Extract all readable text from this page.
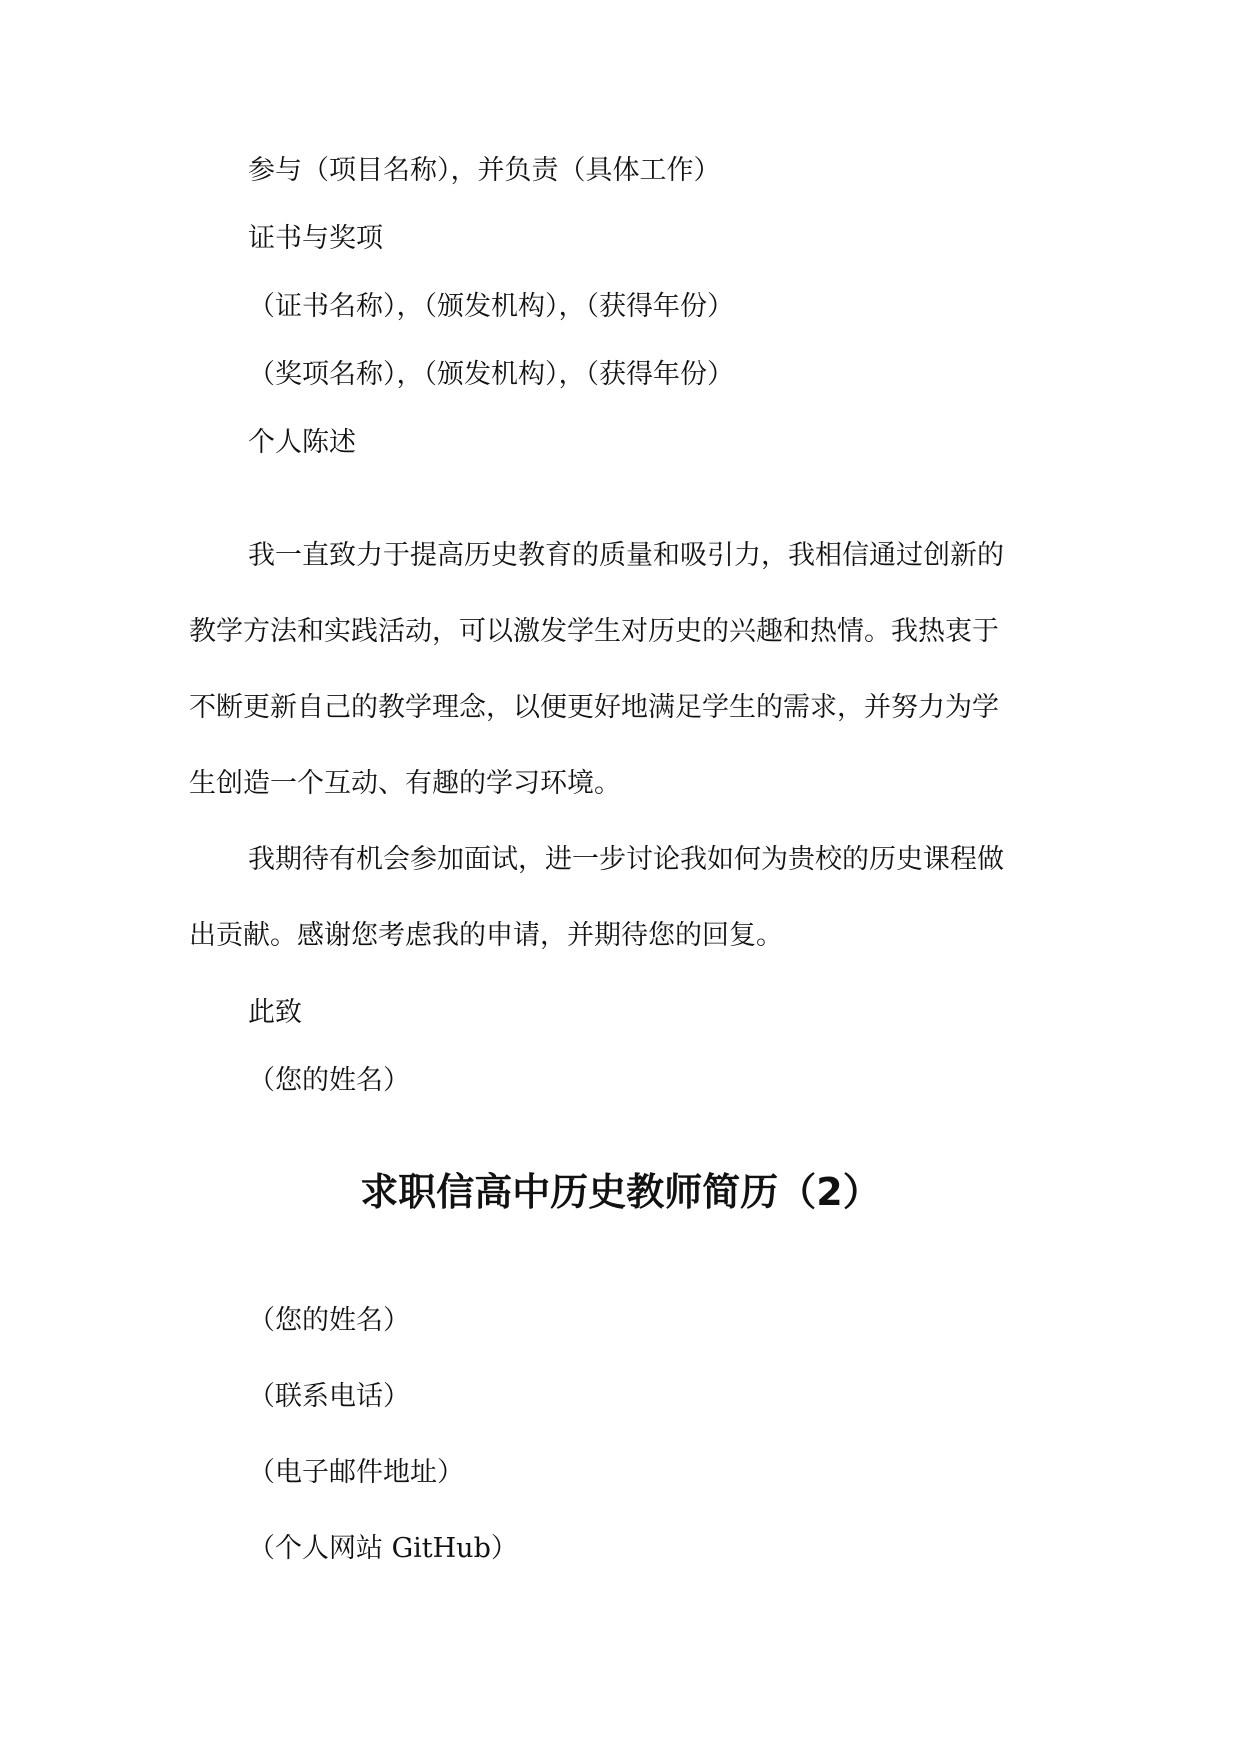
参与（项目名称），并负责（具体工作）
证书与奖项
（证书名称），（颁发机构），（获得年份）
（奖项名称），（颁发机构），（获得年份）
个人陈述
我一直致力于提高历史教育的质量和吸引力，我相信通过创新的
教学方法和实践活动，可以激发学生对历史的兴趣和热情。我热衷于
不断更新自己的教学理念，以便更好地满足学生的需求，并努力为学
生创造一个互动、有趣的学习环境。
我期待有机会参加面试，进一步讨论我如何为贵校的历史课程做
出贡献。感谢您考虑我的申请，并期待您的回复。
此致
（您的姓名）
求职信高中历史教师简历（2）
（您的姓名）
（联系电话）
（电子邮件地址）
（个人网站 GitHub）
